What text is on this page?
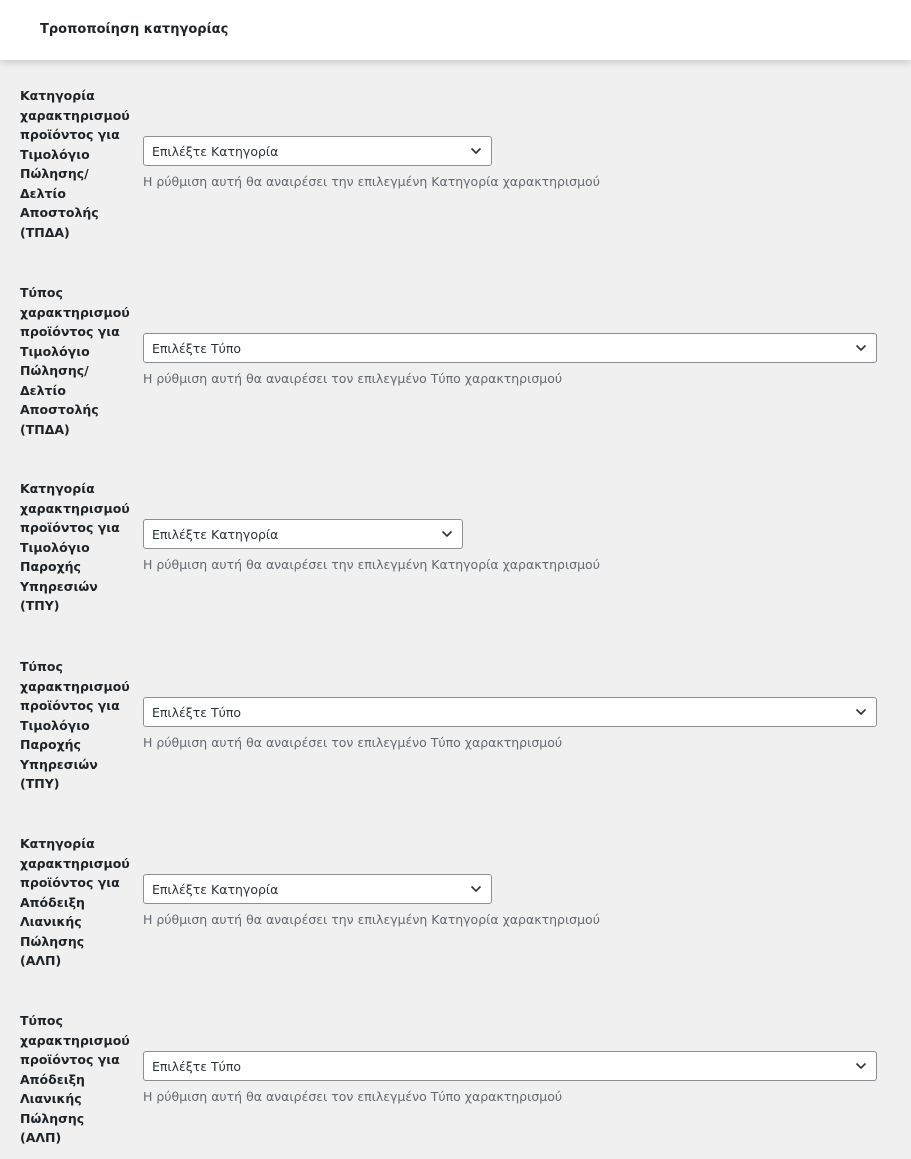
Τροποποίηση κατηγορίας
Κατηγορία
χαρακτηρισμού
προϊόντος για
Τιμολόγιο
Πώλησης/
Δελτίο
Αποστολής
(ΤΠΔΑ)
Επιλέξτε Κατηγορία
Η ρύθμιση αυτή θα αναιρέσει την επιλεγμένη Κατηγορία χαρακτηρισμού
Τύπος
χαρακτηρισμού
προϊόντος για
Τιμολόγιο
Πώλησης/
Δελτίο
Αποστολής
(ΤΠΔΑ)
Επιλέξτε Τύπο
Η ρύθμιση αυτή θα αναιρέσει τον επιλεγμένο Τύπο χαρακτηρισμού
Κατηγορία
χαρακτηρισμού
προϊόντος για
Τιμολόγιο
Παροχής
Υπηρεσιών
(ΤΠΥ)
Επιλέξτε Κατηγορία
Η ρύθμιση αυτή θα αναιρέσει την επιλεγμένη Κατηγορία χαρακτηρισμού
Τύπος
χαρακτηρισμού
προϊόντος για
Τιμολόγιο
Παροχής
Υπηρεσιών
(ΤΠΥ)
Επιλέξτε Τύπο
Η ρύθμιση αυτή θα αναιρέσει τον επιλεγμένο Τύπο χαρακτηρισμού
Κατηγορία
χαρακτηρισμού
προϊόντος για
Απόδειξη
Λιανικής
Πώλησης
(ΑΛΠ)
Επιλέξτε Κατηγορία
Η ρύθμιση αυτή θα αναιρέσει την επιλεγμένη Κατηγορία χαρακτηρισμού
Τύπος
χαρακτηρισμού
προϊόντος για
Απόδειξη
Λιανικής
Πώλησης
(ΑΛΠ)
Επιλέξτε Τύπο
Η ρύθμιση αυτή θα αναιρέσει τον επιλεγμένο Τύπο χαρακτηρισμού
